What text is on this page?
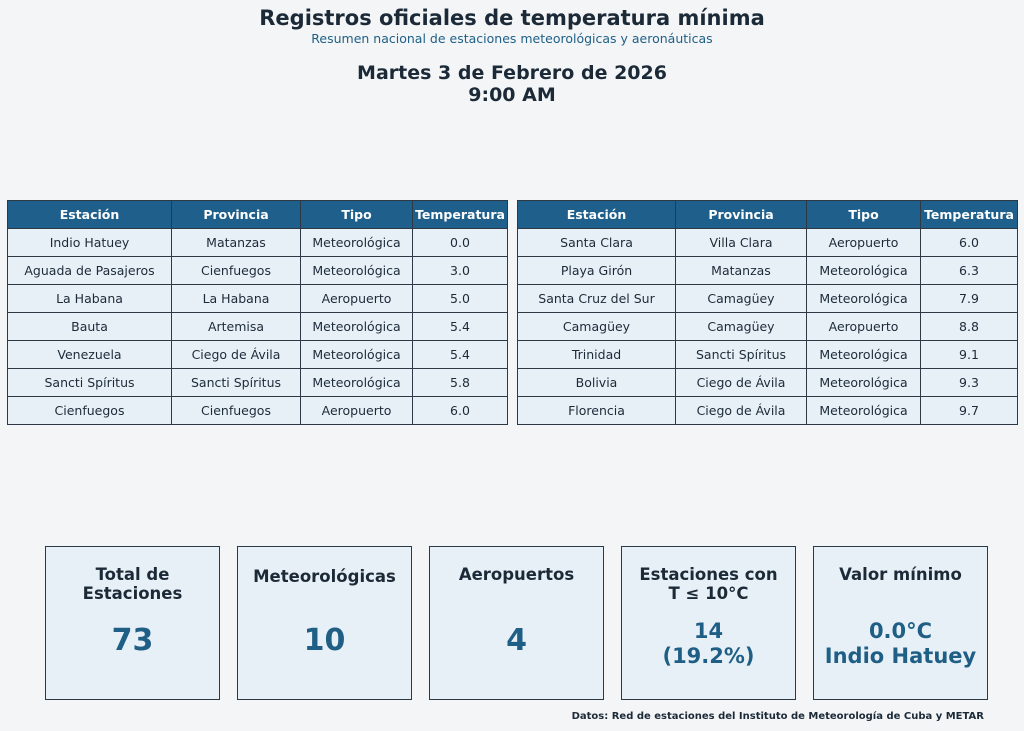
Registros oficiales de temperatura mínima
Resumen nacional de estaciones meteorológicas y aeronáuticas
Martes 3 de Febrero de 2026
9:00 AM
Estación	Provincia	Tipo	Temperatura
Indio Hatuey	Matanzas	Meteorológica	0.0
Aguada de Pasajeros	Cienfuegos	Meteorológica	3.0
La Habana	La Habana	Aeropuerto	5.0
Bauta	Artemisa	Meteorológica	5.4
Venezuela	Ciego de Ávila	Meteorológica	5.4
Sancti Spíritus	Sancti Spíritus	Meteorológica	5.8
Cienfuegos	Cienfuegos	Aeropuerto	6.0
Estación	Provincia	Tipo	Temperatura
Santa Clara	Villa Clara	Aeropuerto	6.0
Playa Girón	Matanzas	Meteorológica	6.3
Santa Cruz del Sur	Camagüey	Meteorológica	7.9
Camagüey	Camagüey	Aeropuerto	8.8
Trinidad	Sancti Spíritus	Meteorológica	9.1
Bolivia	Ciego de Ávila	Meteorológica	9.3
Florencia	Ciego de Ávila	Meteorológica	9.7
Total de
Estaciones
73
Meteorológicas
10
Aeropuertos
4
Estaciones con
T ≤ 10°C
14
(19.2%)
Valor mínimo
0.0°C
Indio Hatuey
Datos: Red de estaciones del Instituto de Meteorología de Cuba y METAR
